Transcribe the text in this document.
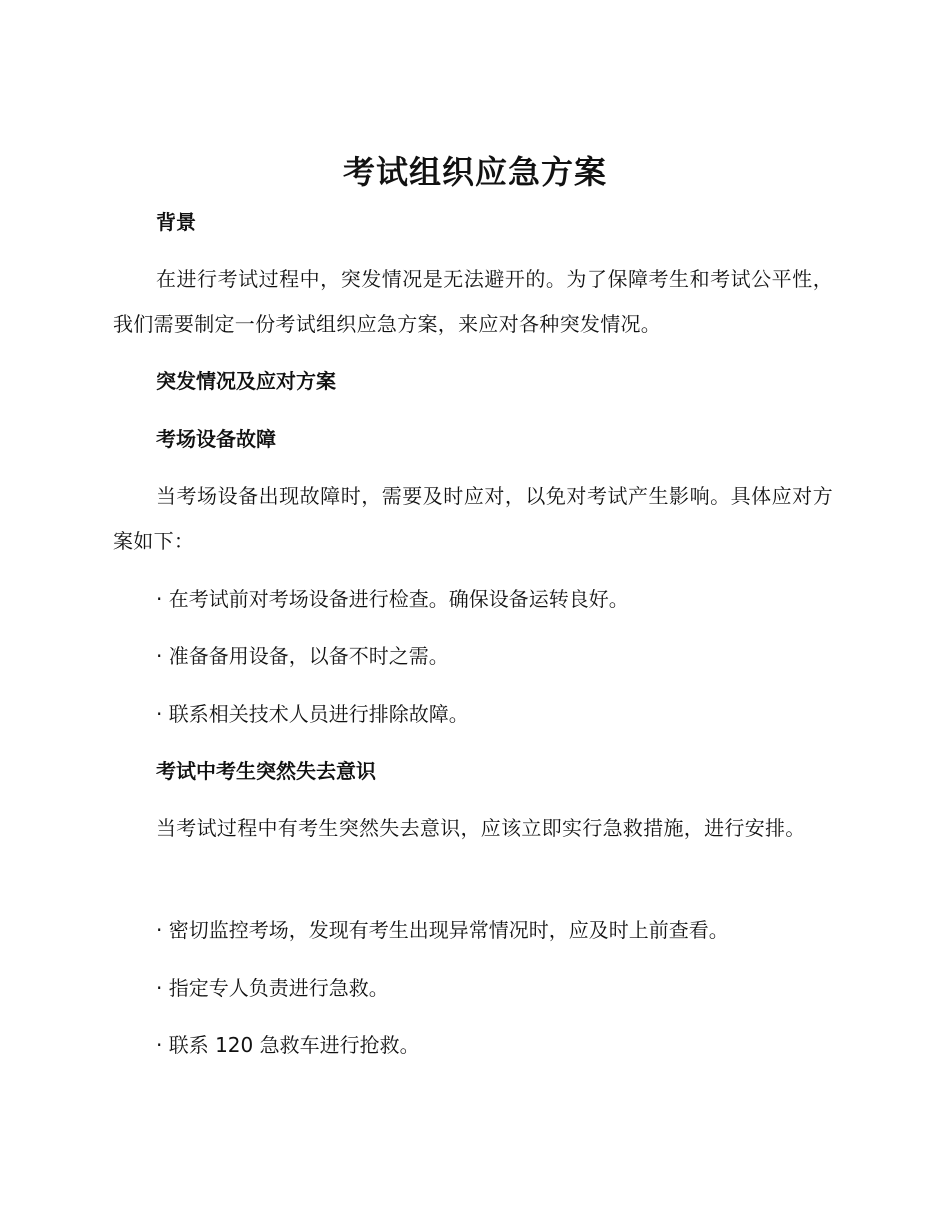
考试组织应急方案
背景
在进行考试过程中，突发情况是无法避开的。为了保障考生和考试公平性，我们需要制定一份考试组织应急方案，来应对各种突发情况。
突发情况及应对方案
考场设备故障
当考场设备出现故障时，需要及时应对，以免对考试产生影响。具体应对方案如下：
· 在考试前对考场设备进行检查。确保设备运转良好。
· 准备备用设备，以备不时之需。
· 联系相关技术人员进行排除故障。
考试中考生突然失去意识
当考试过程中有考生突然失去意识，应该立即实行急救措施，进行安排。
· 密切监控考场，发现有考生出现异常情况时，应及时上前查看。
· 指定专人负责进行急救。
· 联系 120 急救车进行抢救。
